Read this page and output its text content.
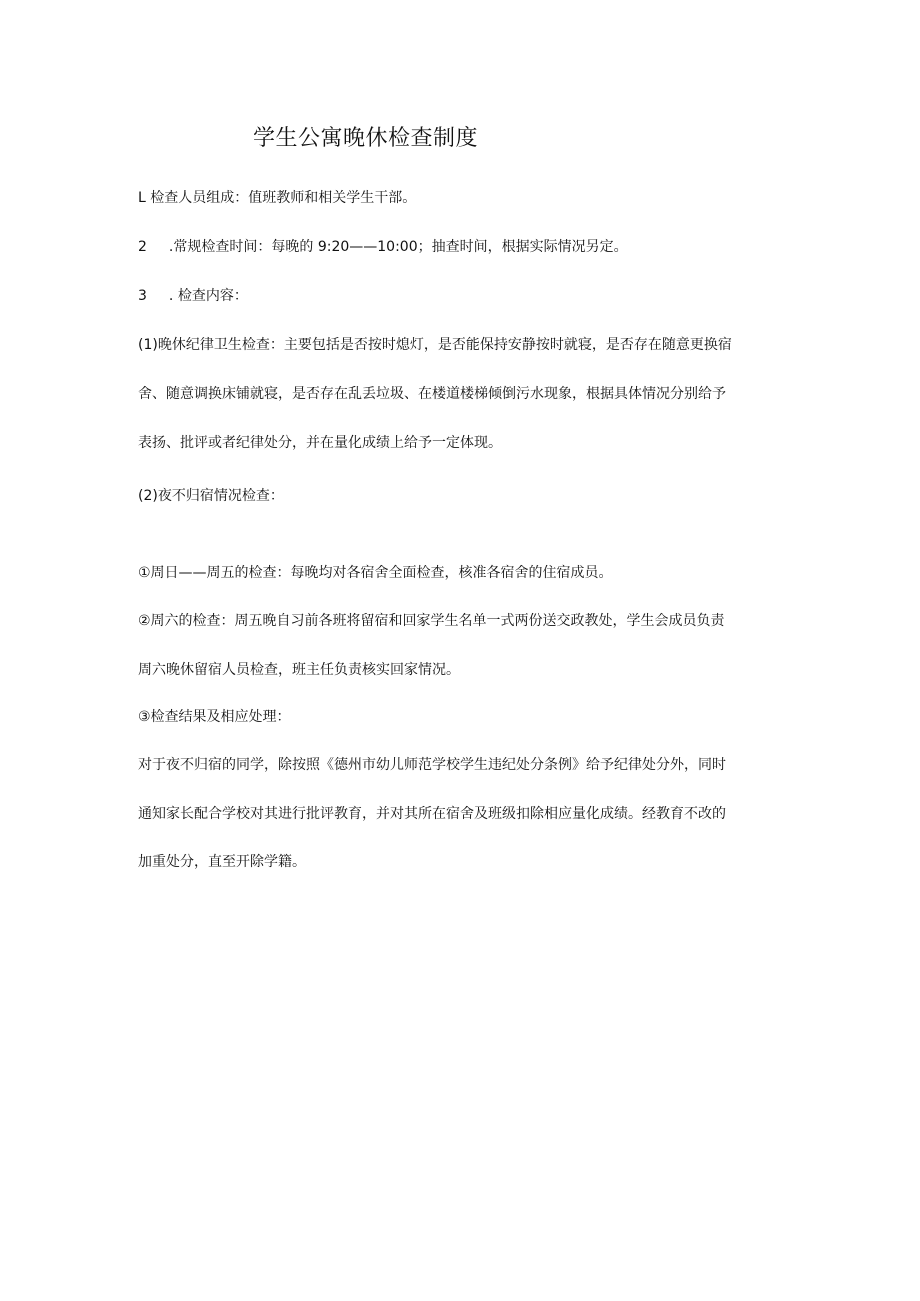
学生公寓晚休检查制度
L 检查人员组成：值班教师和相关学生干部。
2 .常规检查时间：每晚的 9:20——10:00；抽查时间，根据实际情况另定。
3 . 检查内容：
(1)晚休纪律卫生检查：主要包括是否按时熄灯，是否能保持安静按时就寝，是否存在随意更换宿
舍、随意调换床铺就寝，是否存在乱丢垃圾、在楼道楼梯倾倒污水现象，根据具体情况分别给予
表扬、批评或者纪律处分，并在量化成绩上给予一定体现。
(2)夜不归宿情况检查：
①周日——周五的检查：每晚均对各宿舍全面检查，核准各宿舍的住宿成员。
②周六的检查：周五晚自习前各班将留宿和回家学生名单一式两份送交政教处，学生会成员负责
周六晚休留宿人员检查，班主任负责核实回家情况。
③检查结果及相应处理：
对于夜不归宿的同学，除按照《德州市幼儿师范学校学生违纪处分条例》给予纪律处分外，同时
通知家长配合学校对其进行批评教育，并对其所在宿舍及班级扣除相应量化成绩。经教育不改的
加重处分，直至开除学籍。
